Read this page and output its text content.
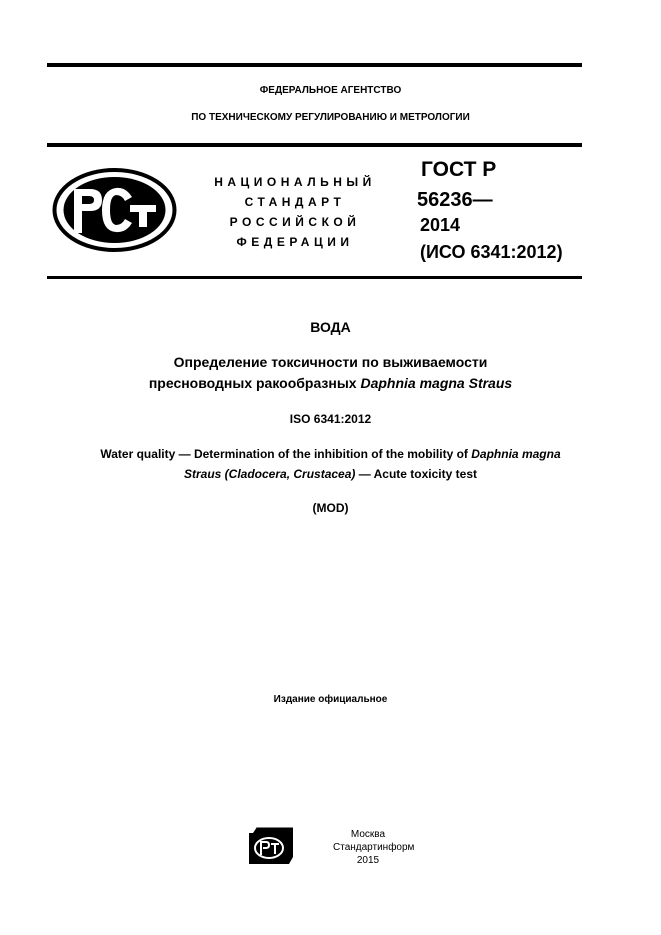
ФЕДЕРАЛЬНОЕ АГЕНТСТВО
ПО ТЕХНИЧЕСКОМУ РЕГУЛИРОВАНИЮ И МЕТРОЛОГИИ
НАЦИОНАЛЬНЫЙ
СТАНДАРТ
РОССИЙСКОЙ
ФЕДЕРАЦИИ
ГОСТ Р
56236—
2014
(ИСО 6341:2012)
ВОДА
Определение токсичности по выживаемости
пресноводных ракообразных Daphnia magna Straus
ISO 6341:2012
Water quality — Determination of the inhibition of the mobility of Daphnia magna
Straus (Cladocera, Crustacea) — Acute toxicity test
(MOD)
Издание официальное
Москва
Стандартинформ
2015
